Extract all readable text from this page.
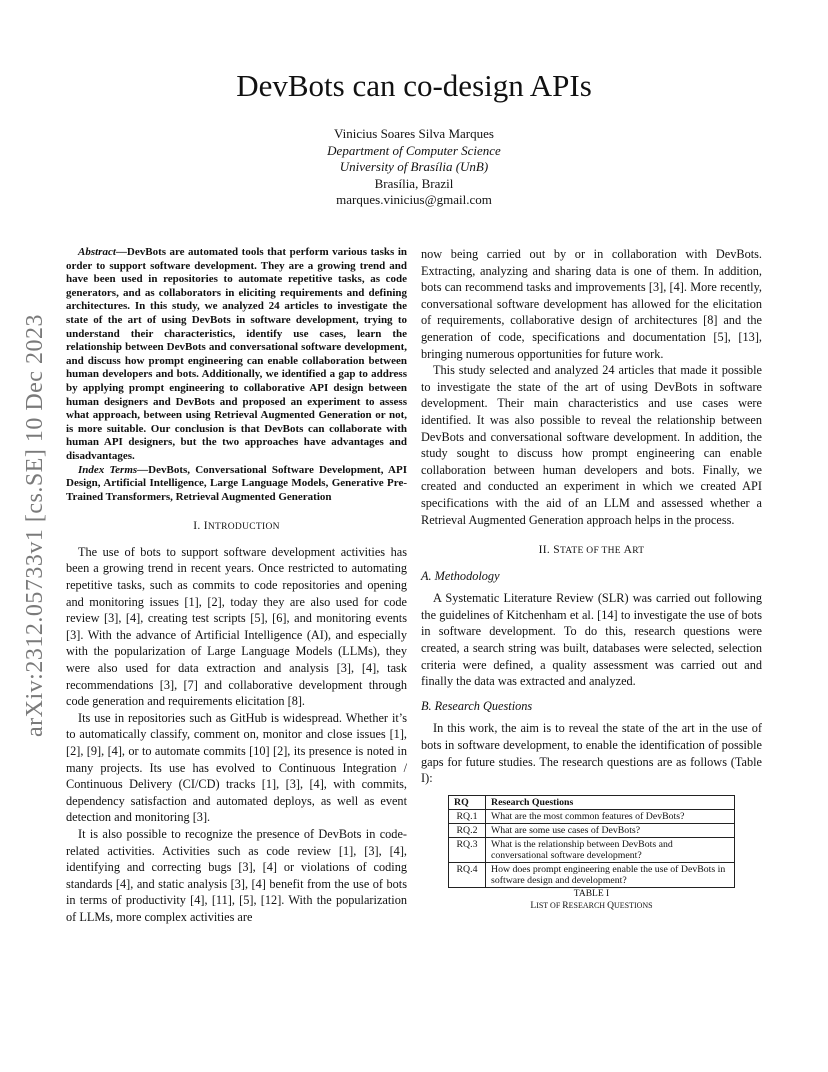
arXiv:2312.05733v1 [cs.SE] 10 Dec 2023
DevBots can co-design APIs
Vinicius Soares Silva Marques
Department of Computer Science
University of Brasília (UnB)
Brasília, Brazil
marques.vinicius@gmail.com

Abstract—DevBots are automated tools that perform various tasks in order to support software development. They are a growing trend and have been used in repositories to automate repetitive tasks, as code generators, and as collaborators in eliciting requirements and defining architectures. In this study, we analyzed 24 articles to investigate the state of the art of using DevBots in software development, trying to understand their characteristics, identify use cases, learn the relationship between DevBots and conversational software development, and discuss how prompt engineering can enable collaboration between human developers and bots. Additionally, we identified a gap to address by applying prompt engineering to collaborative API design between human designers and DevBots and proposed an experiment to assess what approach, between using Retrieval Augmented Generation or not, is more suitable. Our conclusion is that DevBots can collaborate with human API designers, but the two approaches have advantages and disadvantages.

Index Terms—DevBots, Conversational Software Development, API Design, Artificial Intelligence, Large Language Models, Generative Pre-Trained Transformers, Retrieval Augmented Generation

I. INTRODUCTION

The use of bots to support software development activities has been a growing trend in recent years. Once restricted to automating repetitive tasks, such as commits to code repositories and opening and monitoring issues [1], [2], today they are also used for code review [3], [4], creating test scripts [5], [6], and monitoring events [3]. With the advance of Artificial Intelligence (AI), and especially with the popularization of Large Language Models (LLMs), they were also used for data extraction and analysis [3], [4], task recommendations [3], [7] and collaborative development through code generation and requirements elicitation [8].

Its use in repositories such as GitHub is widespread. Whether it’s to automatically classify, comment on, monitor and close issues [1], [2], [9], [4], or to automate commits [10] [2], its presence is noted in many projects. Its use has evolved to Continuous Integration / Continuous Delivery (CI/CD) tracks [1], [3], [4], with commits, dependency satisfaction and automated deploys, as well as event detection and monitoring [3].

It is also possible to recognize the presence of DevBots in code-related activities. Activities such as code review [1], [3], [4], identifying and correcting bugs [3], [4] or violations of coding standards [4], and static analysis [3], [4] benefit from the use of bots in terms of productivity [4], [11], [5], [12]. With the popularization of LLMs, more complex activities are

now being carried out by or in collaboration with DevBots. Extracting, analyzing and sharing data is one of them. In addition, bots can recommend tasks and improvements [3], [4]. More recently, conversational software development has allowed for the elicitation of requirements, collaborative design of architectures [8] and the generation of code, specifications and documentation [5], [13], bringing numerous opportunities for future work.

This study selected and analyzed 24 articles that made it possible to investigate the state of the art of using DevBots in software development. Their main characteristics and use cases were identified. It was also possible to reveal the relationship between DevBots and conversational software development. In addition, the study sought to discuss how prompt engineering can enable collaboration between human developers and bots. Finally, we created and conducted an experiment in which we created API specifications with the aid of an LLM and assessed whether a Retrieval Augmented Generation approach helps in the process.

II. STATE OF THE ART

A. Methodology

A Systematic Literature Review (SLR) was carried out following the guidelines of Kitchenham et al. [14] to investigate the use of bots in software development. To do this, research questions were created, a search string was built, databases were selected, selection criteria were defined, a quality assessment was carried out and finally the data was extracted and analyzed.

B. Research Questions

In this work, the aim is to reveal the state of the art in the use of bots in software development, to enable the identification of possible gaps for future studies. The research questions are as follows (Table I):

RQ	Research Questions
RQ.1	What are the most common features of DevBots?
RQ.2	What are some use cases of DevBots?
RQ.3	What is the relationship between DevBots and conversational software development?
RQ.4	How does prompt engineering enable the use of DevBots in software design and development?
TABLE I
LIST OF RESEARCH QUESTIONS
